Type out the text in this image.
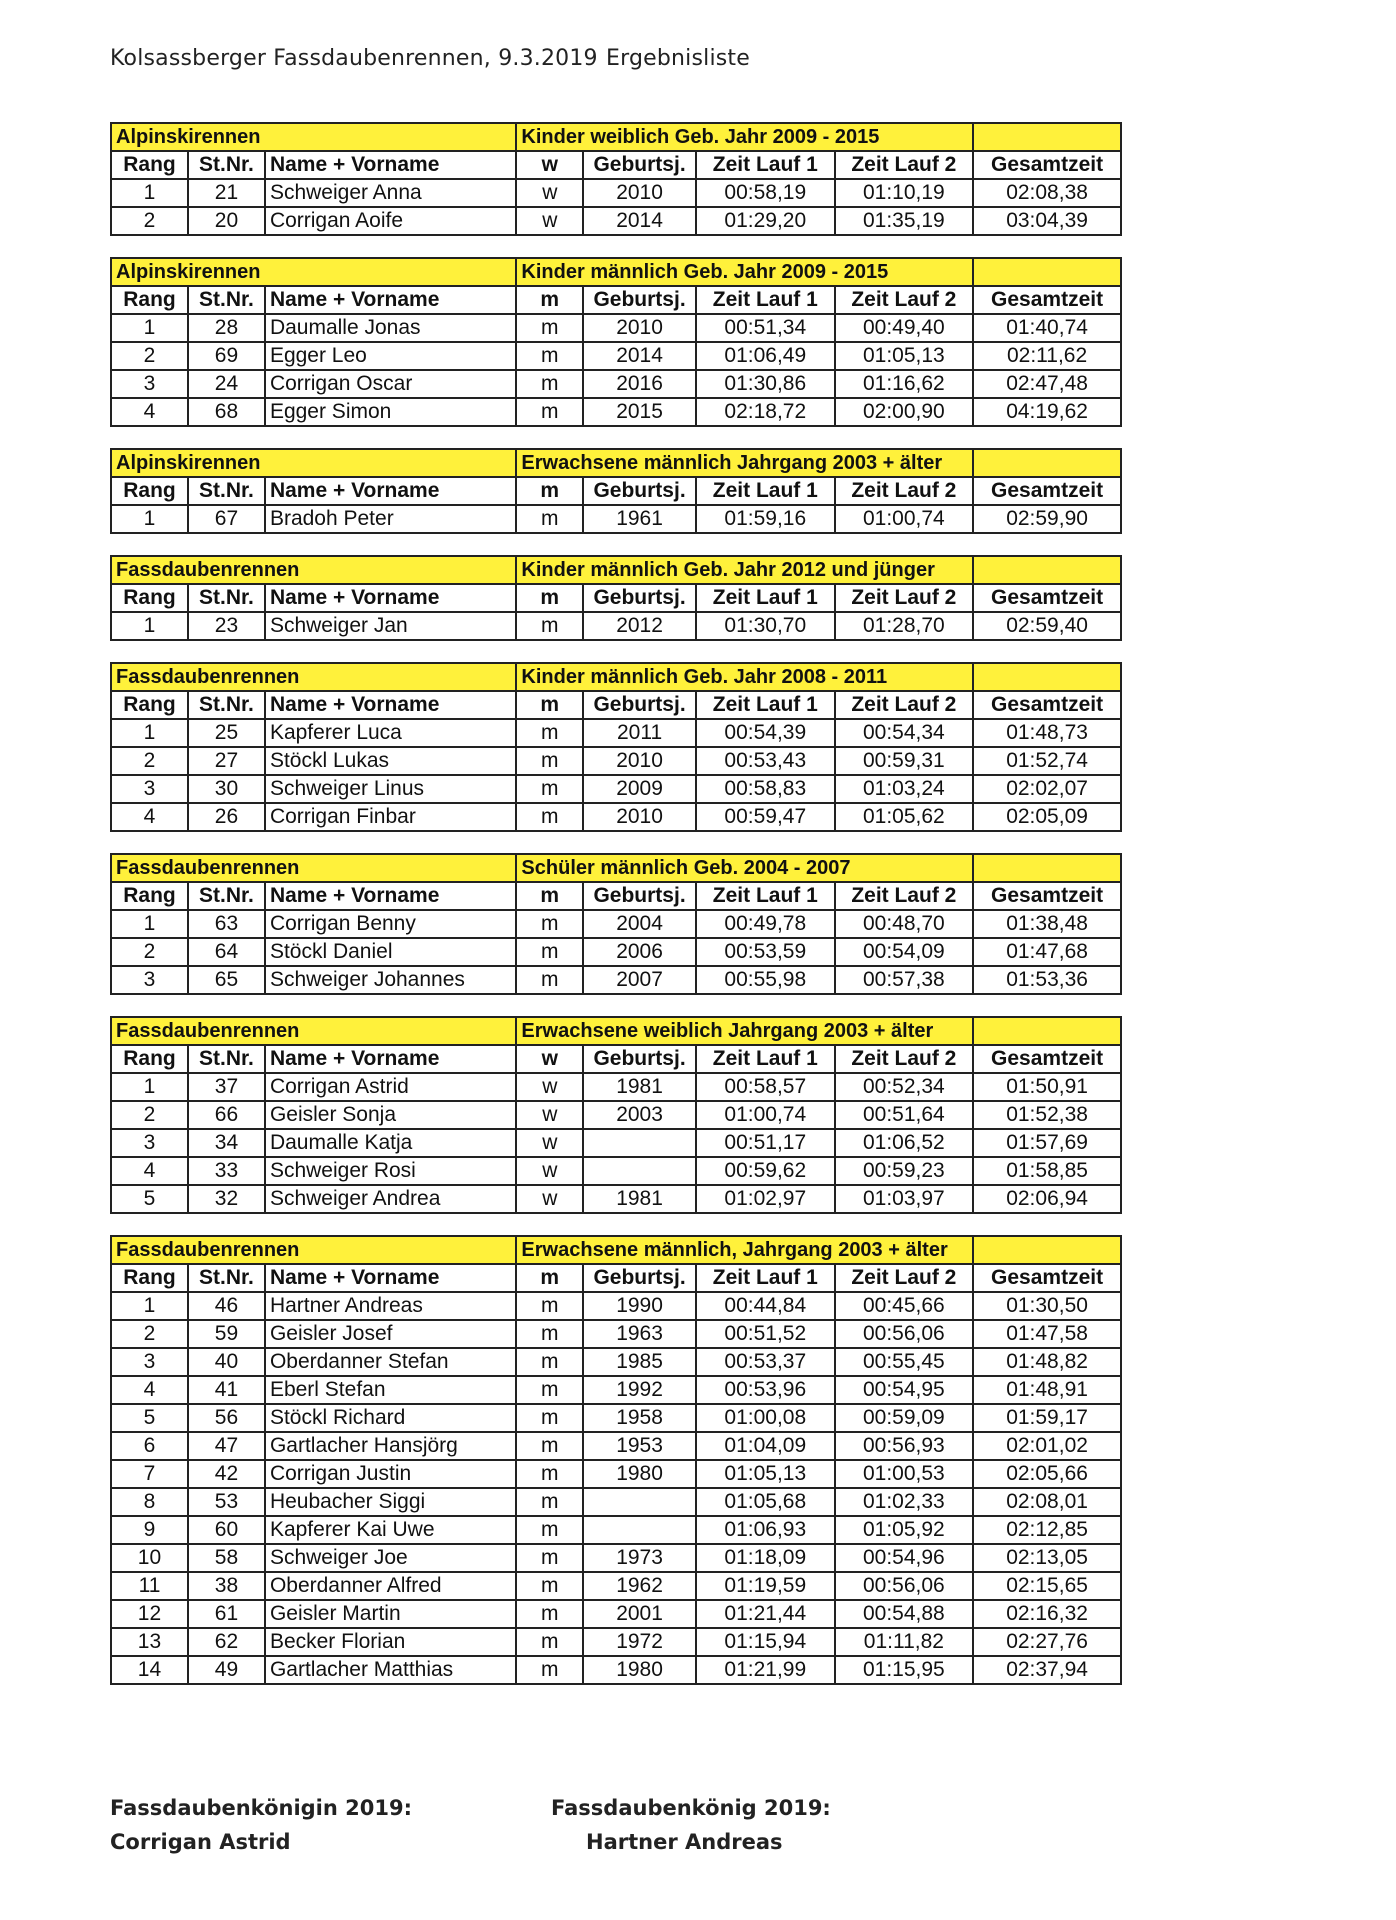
Kolsassberger Fassdaubenrennen, 9.3.2019 Ergebnisliste
Alpinskirennen			Kinder weiblich Geb. Jahr 2009 - 2015				
Rang	St.Nr.	Name + Vorname	w	Geburtsj.	Zeit Lauf 1	Zeit Lauf 2	Gesamtzeit
1	21	Schweiger Anna	w	2010	00:58,19	01:10,19	02:08,38
2	20	Corrigan Aoife	w	2014	01:29,20	01:35,19	03:04,39
Alpinskirennen			Kinder männlich Geb. Jahr 2009 - 2015				
Rang	St.Nr.	Name + Vorname	m	Geburtsj.	Zeit Lauf 1	Zeit Lauf 2	Gesamtzeit
1	28	Daumalle Jonas	m	2010	00:51,34	00:49,40	01:40,74
2	69	Egger Leo	m	2014	01:06,49	01:05,13	02:11,62
3	24	Corrigan Oscar	m	2016	01:30,86	01:16,62	02:47,48
4	68	Egger Simon	m	2015	02:18,72	02:00,90	04:19,62
Alpinskirennen			Erwachsene männlich Jahrgang 2003 + älter				
Rang	St.Nr.	Name + Vorname	m	Geburtsj.	Zeit Lauf 1	Zeit Lauf 2	Gesamtzeit
1	67	Bradoh Peter	m	1961	01:59,16	01:00,74	02:59,90
Fassdaubenrennen			Kinder männlich Geb. Jahr 2012 und jünger				
Rang	St.Nr.	Name + Vorname	m	Geburtsj.	Zeit Lauf 1	Zeit Lauf 2	Gesamtzeit
1	23	Schweiger Jan	m	2012	01:30,70	01:28,70	02:59,40
Fassdaubenrennen			Kinder männlich Geb. Jahr 2008 - 2011				
Rang	St.Nr.	Name + Vorname	m	Geburtsj.	Zeit Lauf 1	Zeit Lauf 2	Gesamtzeit
1	25	Kapferer Luca	m	2011	00:54,39	00:54,34	01:48,73
2	27	Stöckl Lukas	m	2010	00:53,43	00:59,31	01:52,74
3	30	Schweiger Linus	m	2009	00:58,83	01:03,24	02:02,07
4	26	Corrigan Finbar	m	2010	00:59,47	01:05,62	02:05,09
Fassdaubenrennen			Schüler männlich Geb. 2004 - 2007				
Rang	St.Nr.	Name + Vorname	m	Geburtsj.	Zeit Lauf 1	Zeit Lauf 2	Gesamtzeit
1	63	Corrigan Benny	m	2004	00:49,78	00:48,70	01:38,48
2	64	Stöckl Daniel	m	2006	00:53,59	00:54,09	01:47,68
3	65	Schweiger Johannes	m	2007	00:55,98	00:57,38	01:53,36
Fassdaubenrennen			Erwachsene weiblich Jahrgang 2003 + älter				
Rang	St.Nr.	Name + Vorname	w	Geburtsj.	Zeit Lauf 1	Zeit Lauf 2	Gesamtzeit
1	37	Corrigan Astrid	w	1981	00:58,57	00:52,34	01:50,91
2	66	Geisler Sonja	w	2003	01:00,74	00:51,64	01:52,38
3	34	Daumalle Katja	w		00:51,17	01:06,52	01:57,69
4	33	Schweiger Rosi	w		00:59,62	00:59,23	01:58,85
5	32	Schweiger Andrea	w	1981	01:02,97	01:03,97	02:06,94
Fassdaubenrennen			Erwachsene männlich, Jahrgang 2003 + älter				
Rang	St.Nr.	Name + Vorname	m	Geburtsj.	Zeit Lauf 1	Zeit Lauf 2	Gesamtzeit
1	46	Hartner Andreas	m	1990	00:44,84	00:45,66	01:30,50
2	59	Geisler Josef	m	1963	00:51,52	00:56,06	01:47,58
3	40	Oberdanner Stefan	m	1985	00:53,37	00:55,45	01:48,82
4	41	Eberl Stefan	m	1992	00:53,96	00:54,95	01:48,91
5	56	Stöckl Richard	m	1958	01:00,08	00:59,09	01:59,17
6	47	Gartlacher Hansjörg	m	1953	01:04,09	00:56,93	02:01,02
7	42	Corrigan Justin	m	1980	01:05,13	01:00,53	02:05,66
8	53	Heubacher Siggi	m		01:05,68	01:02,33	02:08,01
9	60	Kapferer Kai Uwe	m		01:06,93	01:05,92	02:12,85
10	58	Schweiger Joe	m	1973	01:18,09	00:54,96	02:13,05
11	38	Oberdanner Alfred	m	1962	01:19,59	00:56,06	02:15,65
12	61	Geisler Martin	m	2001	01:21,44	00:54,88	02:16,32
13	62	Becker Florian	m	1972	01:15,94	01:11,82	02:27,76
14	49	Gartlacher Matthias	m	1980	01:21,99	01:15,95	02:37,94
Fassdaubenkönigin 2019:
Corrigan Astrid
Fassdaubenkönig 2019:
Hartner Andreas
